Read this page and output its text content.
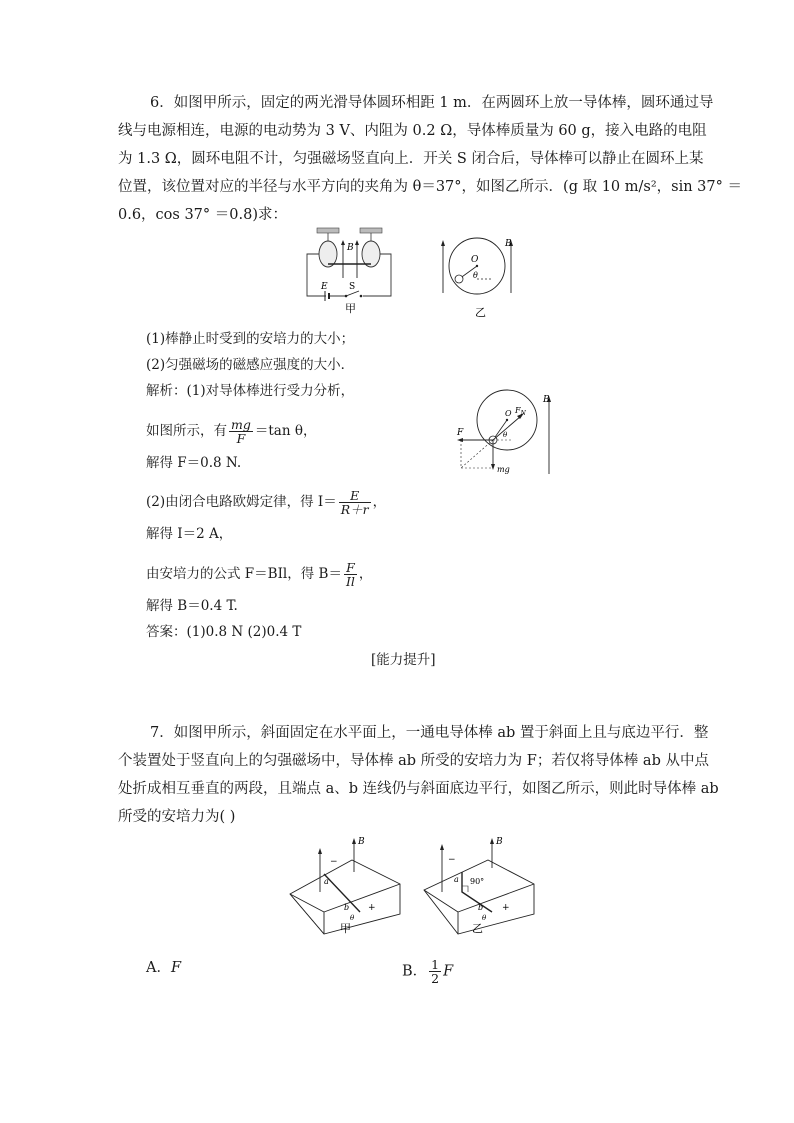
6．如图甲所示，固定的两光滑导体圆环相距 1 m．在两圆环上放一导体棒，圆环通过导
线与电源相连，电源的电动势为 3 V、内阻为 0.2 Ω，导体棒质量为 60 g，接入电路的电阻
为 1.3 Ω，圆环电阻不计，匀强磁场竖直向上．开关 S 闭合后，导体棒可以静止在圆环上某
位置，该位置对应的半径与水平方向的夹角为 θ＝37°，如图乙所示．(g 取 10 m/s²，sin 37° ＝
0.6，cos 37° ＝0.8)求：
B
E S
甲
B
O
θ
乙
(1)棒静止时受到的安培力的大小；
(2)匀强磁场的磁感应强度的大小．
解析：(1)对导体棒进行受力分析，
如图所示，有 $\frac{mg}{F} =\tan$ θ，
解得 F＝0.8 N.
B
O $F_N$
F
mg
θ
(2)由闭合电路欧姆定律，得 $I= \frac{E}{R+r}$ ，
解得 I＝2 A，
由安培力的公式 F＝BIl，得 $B= \frac{F}{Il}$ ，
解得 B＝0.4 T.
答案：(1)0.8 N (2)0.4 T
[能力提升]
7．如图甲所示，斜面固定在水平面上，一通电导体棒 ab 置于斜面上且与底边平行．整
个装置处于竖直向上的匀强磁场中，导体棒 ab 所受的安培力为 F；若仅将导体棒 ab 从中点
处折成相互垂直的两段，且端点 a、b 连线仍与斜面底边平行，如图乙所示，则此时导体棒 ab
所受的安培力为( )
B
−
a
b
θ
+
甲
B
−
a 90°
b
θ
+
乙
A．F	B． $\frac{1}{2}$ F
